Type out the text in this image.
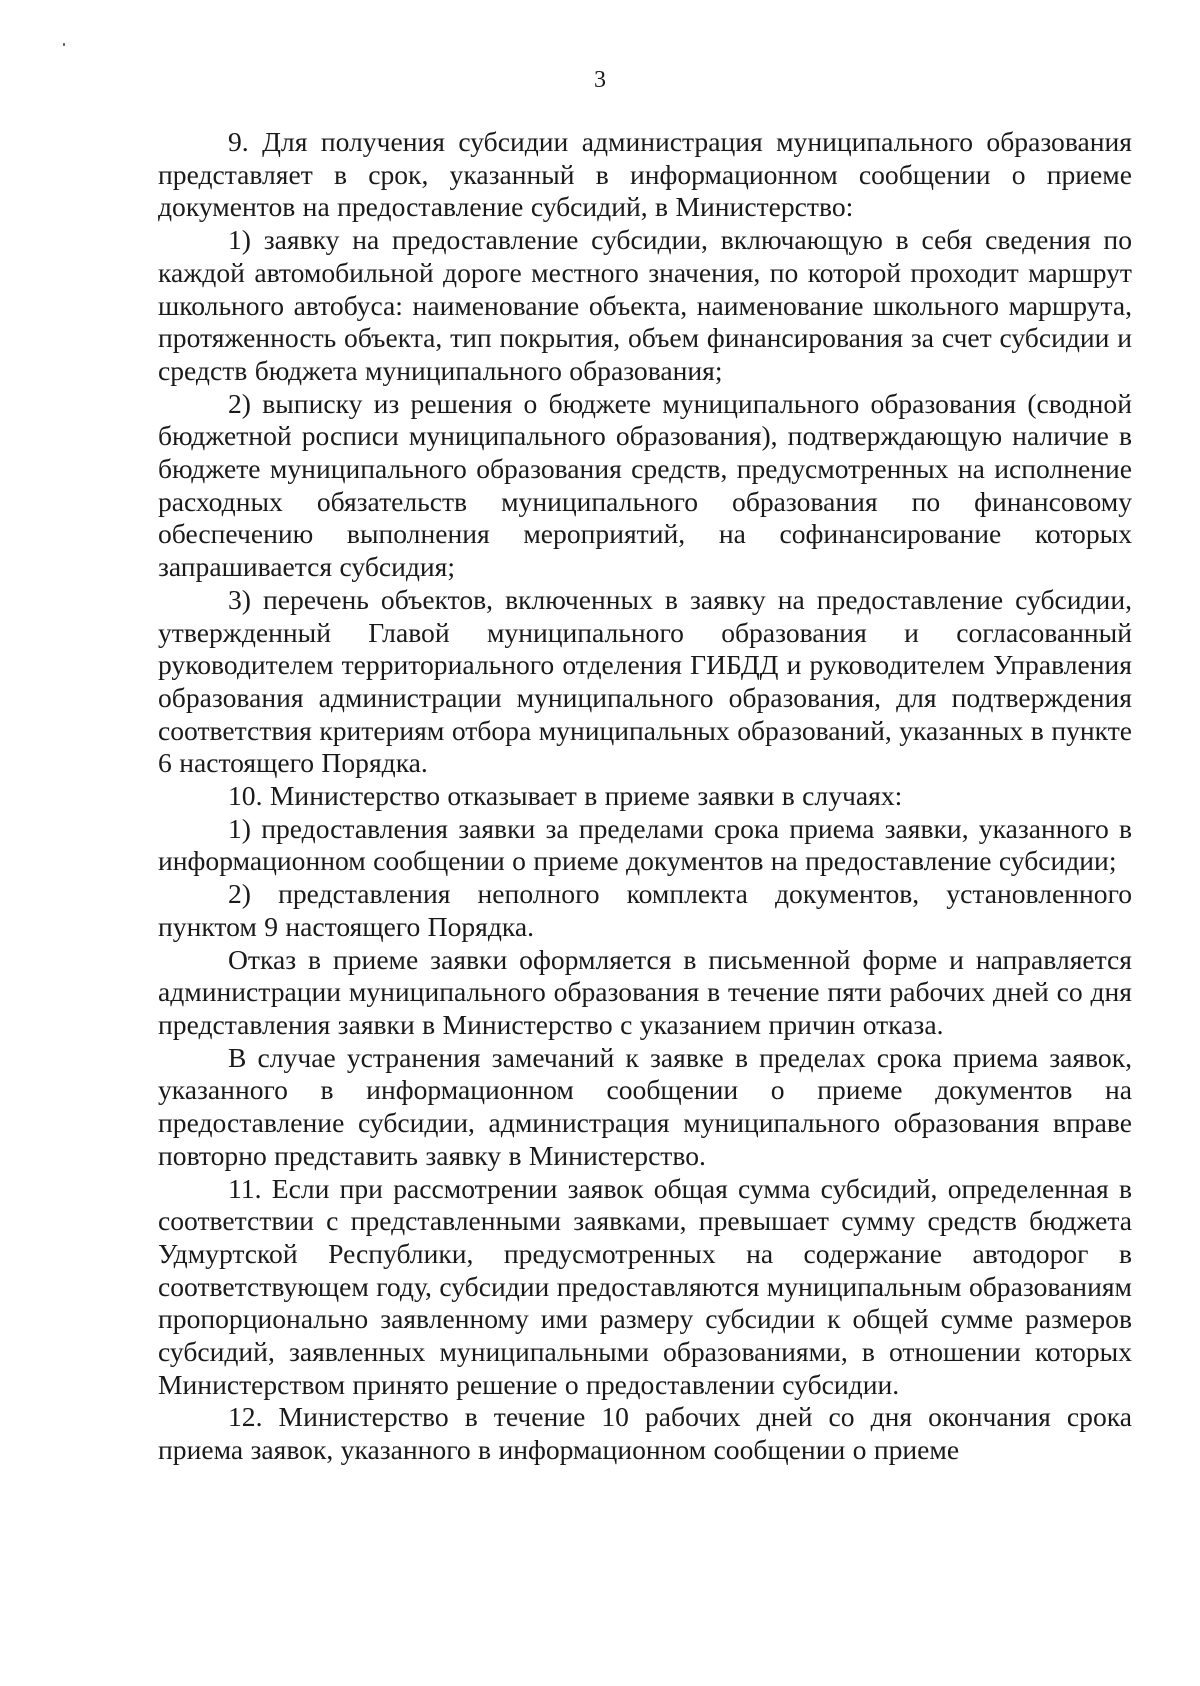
3

9. Для получения субсидии администрация муниципального образования представляет в срок, указанный в информационном сообщении о приеме документов на предоставление субсидий, в Министерство:

1) заявку на предоставление субсидии, включающую в себя сведения по каждой автомобильной дороге местного значения, по которой проходит маршрут школьного автобуса: наименование объекта, наименование школьного маршрута, протяженность объекта, тип покрытия, объем финансирования за счет субсидии и средств бюджета муниципального образования;

2) выписку из решения о бюджете муниципального образования (сводной бюджетной росписи муниципального образования), подтверждающую наличие в бюджете муниципального образования средств, предусмотренных на исполнение расходных обязательств муниципального образования по финансовому обеспечению выполнения мероприятий, на софинансирование которых запрашивается субсидия;

3) перечень объектов, включенных в заявку на предоставление субсидии, утвержденный Главой муниципального образования и согласованный руководителем территориального отделения ГИБДД и руководителем Управления образования администрации муниципального образования, для подтверждения соответствия критериям отбора муниципальных образований, указанных в пункте 6 настоящего Порядка.

10. Министерство отказывает в приеме заявки в случаях:

1) предоставления заявки за пределами срока приема заявки, указанного в информационном сообщении о приеме документов на предоставление субсидии;

2) представления неполного комплекта документов, установленного пунктом 9 настоящего Порядка.

Отказ в приеме заявки оформляется в письменной форме и направляется администрации муниципального образования в течение пяти рабочих дней со дня представления заявки в Министерство с указанием причин отказа.

В случае устранения замечаний к заявке в пределах срока приема заявок, указанного в информационном сообщении о приеме документов на предоставление субсидии, администрация муниципального образования вправе повторно представить заявку в Министерство.

11. Если при рассмотрении заявок общая сумма субсидий, определенная в соответствии с представленными заявками, превышает сумму средств бюджета Удмуртской Республики, предусмотренных на содержание автодорог в соответствующем году, субсидии предоставляются муниципальным образованиям пропорционально заявленному ими размеру субсидии к общей сумме размеров субсидий, заявленных муниципальными образованиями, в отношении которых Министерством принято решение о предоставлении субсидии.

12. Министерство в течение 10 рабочих дней со дня окончания срока приема заявок, указанного в информационном сообщении о приеме
